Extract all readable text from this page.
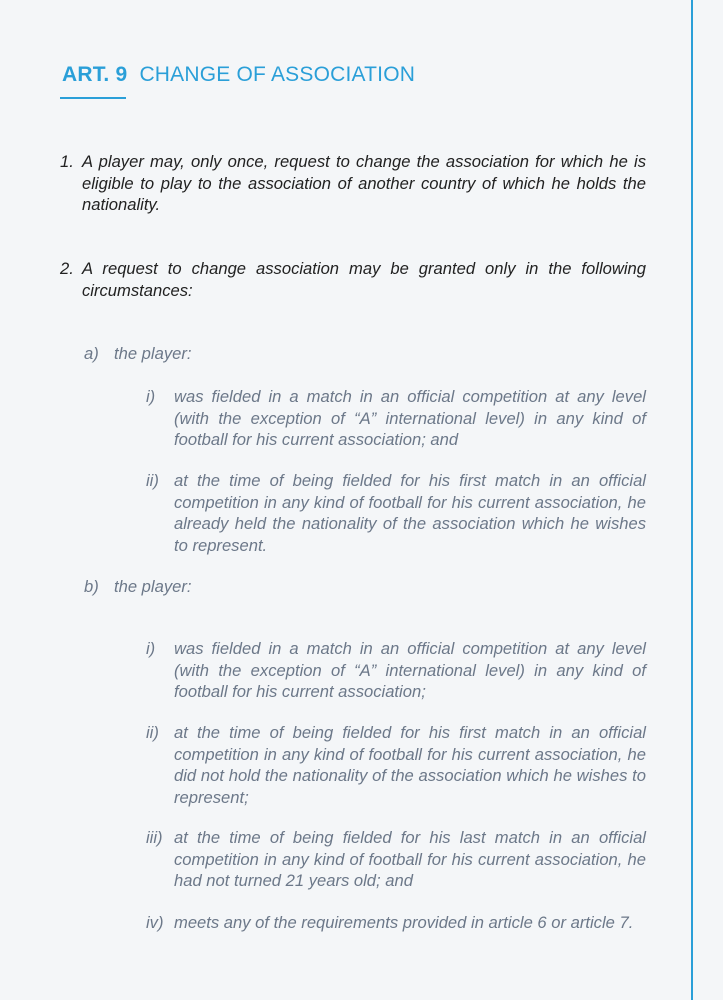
ART. 9 CHANGE OF ASSOCIATION
1. A player may, only once, request to change the association for which he is eligible to play to the association of another country of which he holds the nationality.
2. A request to change association may be granted only in the following circumstances:
a) the player:
i) was fielded in a match in an official competition at any level (with the exception of “A” international level) in any kind of football for his current association; and
ii) at the time of being fielded for his first match in an official competition in any kind of football for his current association, he already held the nationality of the association which he wishes to represent.
b) the player:
i) was fielded in a match in an official competition at any level (with the exception of “A” international level) in any kind of football for his current association;
ii) at the time of being fielded for his first match in an official competition in any kind of football for his current association, he did not hold the nationality of the association which he wishes to represent;
iii) at the time of being fielded for his last match in an official competition in any kind of football for his current association, he had not turned 21 years old; and
iv) meets any of the requirements provided in article 6 or article 7.
